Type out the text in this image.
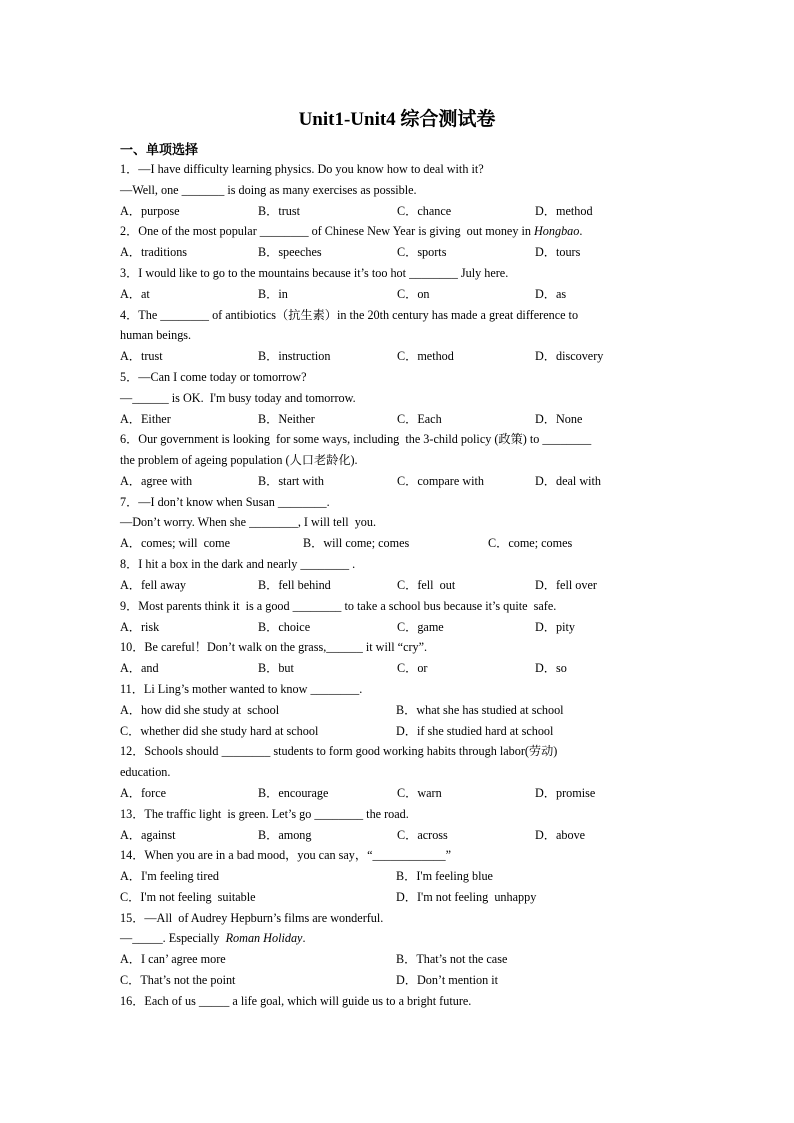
Unit1-Unit4 综合测试卷
一、单项选择
1．—I have difficulty learning physics. Do you know how to deal with it?
—Well, one _______ is doing as many exercises as possible.
A．purpose	B．trust	C．chance	D．method
2．One of the most popular ________ of Chinese New Year is giving  out money in Hongbao.
A．traditions	B．speeches	C．sports	D．tours
3．I would like to go to the mountains because it’s too hot ________ July here.
A．at	B．in	C．on	D．as
4．The ________ of antibiotics（抗生素）in the 20th century has made a great difference to
human beings.
A．trust	B．instruction	C．method	D．discovery
5．—Can I come today or tomorrow?
—______ is OK.  I'm busy today and tomorrow.
A．Either	B．Neither	C．Each	D．None
6．Our government is looking  for some ways, including  the 3-child policy (政策) to ________
the problem of ageing population (人口老龄化).
A．agree with	B．start with	C．compare with	D．deal with
7．—I don’t know when Susan ________.
—Don’t worry. When she ________, I will tell  you.
A．comes; will  come	B．will come; comes	C．come; comes
8．I hit a box in the dark and nearly ________ .
A．fell away	B．fell behind	C．fell  out	D．fell over
9．Most parents think it  is a good ________ to take a school bus because it’s quite  safe.
A．risk	B．choice	C．game	D．pity
10．Be careful！Don’t walk on the grass,______ it will “cry”.
A．and	B．but	C．or	D．so
11．Li Ling’s mother wanted to know ________.
A．how did she study at  school	B．what she has studied at school
C．whether did she study hard at school	D．if she studied hard at school
12．Schools should ________ students to form good working habits through labor(劳动)
education.
A．force	B．encourage	C．warn	D．promise
13．The traffic light  is green. Let’s go ________ the road.
A．against	B．among	C．across	D．above
14．When you are in a bad mood，you can say，“____________”
A．I'm feeling tired	B．I'm feeling blue
C．I'm not feeling  suitable	D．I'm not feeling  unhappy
15．—All  of Audrey Hepburn’s films are wonderful.
—_____. Especially  Roman Holiday.
A．I can’ agree more	B．That’s not the case
C．That’s not the point	D．Don’t mention it
16．Each of us _____ a life goal, which will guide us to a bright future.
